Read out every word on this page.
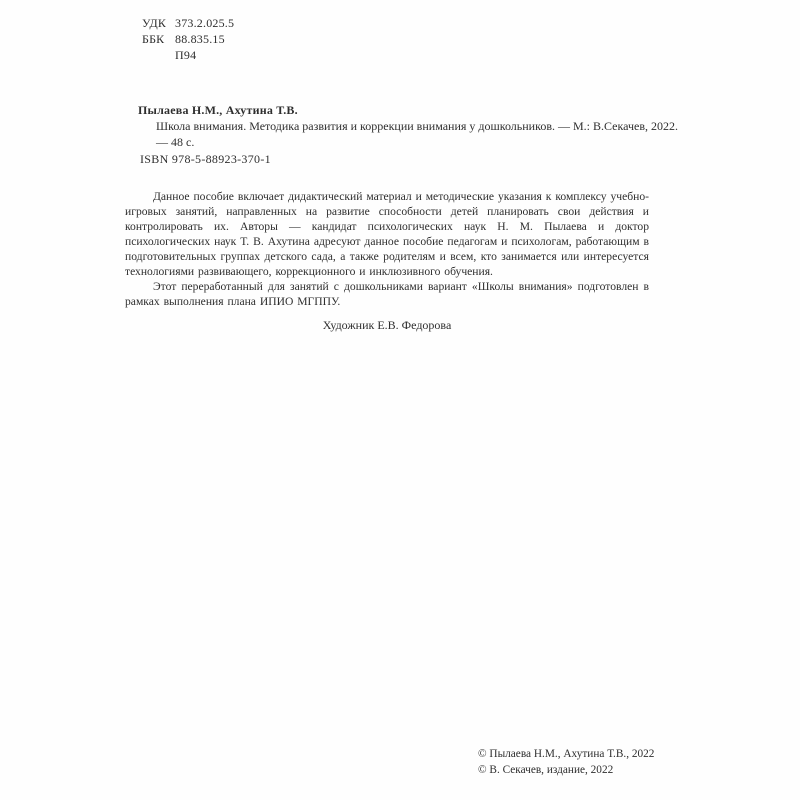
УДК 373.2.025.5
ББК 88.835.15
П94
Пылаева Н.М., Ахутина Т.В.
Школа внимания. Методика развития и коррекции внимания у дошкольников. — М.: В.Секачев, 2022. — 48 с.
ISBN 978-5-88923-370-1

Данное пособие включает дидактический материал и методические указания к комплексу учебно-игровых занятий, направленных на развитие способности детей планировать свои действия и контролировать их. Авторы — кандидат психологических наук Н. М. Пылаева и доктор психологических наук Т. В. Ахутина адресуют данное пособие педагогам и психологам, работающим в подготовительных группах детского сада, а также родителям и всем, кто занимается или интересуется технологиями развивающего, коррекционного и инклюзивного обучения.

Этот переработанный для занятий с дошкольниками вариант «Школы внимания» подготовлен в рамках выполнения плана ИПИО МГППУ.

Художник Е.В. Федорова
© Пылаева Н.М., Ахутина Т.В., 2022
© В. Секачев, издание, 2022
